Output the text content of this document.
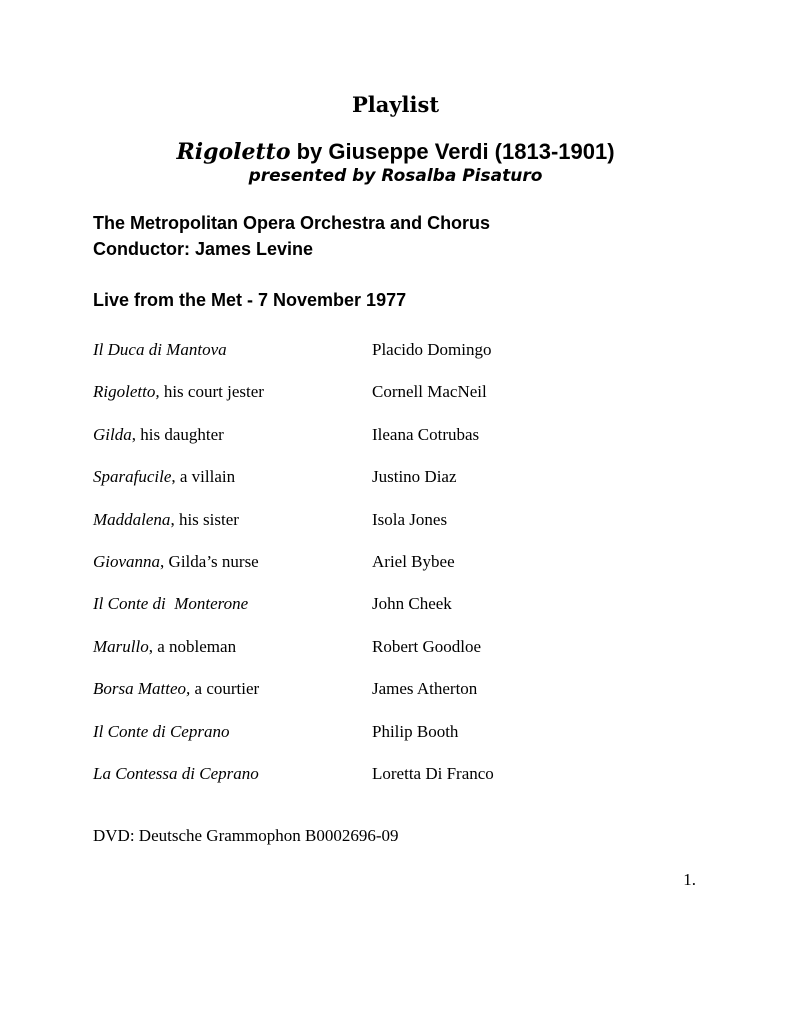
Playlist
Rigoletto by Giuseppe Verdi (1813-1901)

presented by Rosalba Pisaturo

The Metropolitan Opera Orchestra and Chorus

Conductor: James Levine

Live from the Met - 7 November 1977

Il Duca di Mantova	Placido Domingo
Rigoletto, his court jester	Cornell MacNeil
Gilda, his daughter	Ileana Cotrubas
Sparafucile, a villain	Justino Diaz
Maddalena, his sister	Isola Jones
Giovanna, Gilda’s nurse	Ariel Bybee
Il Conte di  Monterone	John Cheek
Marullo, a nobleman	Robert Goodloe
Borsa Matteo, a courtier	James Atherton
Il Conte di Ceprano	Philip Booth
La Contessa di Ceprano	Loretta Di Franco

DVD: Deutsche Grammophon B0002696-09

1.
